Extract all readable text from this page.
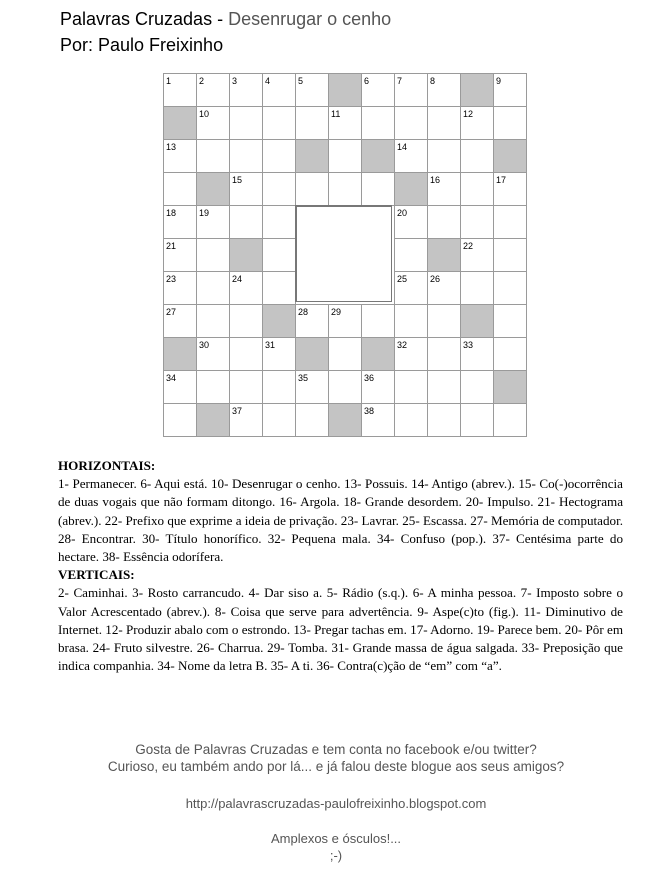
Palavras Cruzadas - Desenrugar o cenho
Por: Paulo Freixinho
1	2	3	4	5	6	7	8	9
10	11	12
13	14
15	16	17
18	19	20
21	22
23	24	25	26
27	28	29
30	31	32	33
34	35	36
37	38
HORIZONTAIS:
1- Permanecer. 6- Aqui está. 10- Desenrugar o cenho. 13- Possuis. 14- Antigo (abrev.). 15- Co(-)ocorrência de duas vogais que não formam ditongo. 16- Argola. 18- Grande desordem. 20- Impulso. 21- Hectograma (abrev.). 22- Prefixo que exprime a ideia de privação. 23- Lavrar. 25- Escassa. 27- Memória de computador. 28- Encontrar. 30- Título honorífico. 32- Pequena mala. 34- Confuso (pop.). 37- Centésima parte do hectare. 38- Essência odorífera.
VERTICAIS:
2- Caminhai. 3- Rosto carrancudo. 4- Dar siso a. 5- Rádio (s.q.). 6- A minha pessoa. 7- Imposto sobre o Valor Acrescentado (abrev.). 8- Coisa que serve para advertência. 9- Aspe(c)to (fig.). 11- Diminutivo de Internet. 12- Produzir abalo com o estrondo. 13- Pregar tachas em. 17- Adorno. 19- Parece bem. 20- Pôr em brasa. 24- Fruto silvestre. 26- Charrua. 29- Tomba. 31- Grande massa de água salgada. 33- Preposição que indica companhia. 34- Nome da letra B. 35- A ti. 36- Contra(c)ção de “em” com “a”.
Gosta de Palavras Cruzadas e tem conta no facebook e/ou twitter?
Curioso, eu também ando por lá... e já falou deste blogue aos seus amigos?
http://palavrascruzadas-paulofreixinho.blogspot.com
Amplexos e ósculos!...
;-)
